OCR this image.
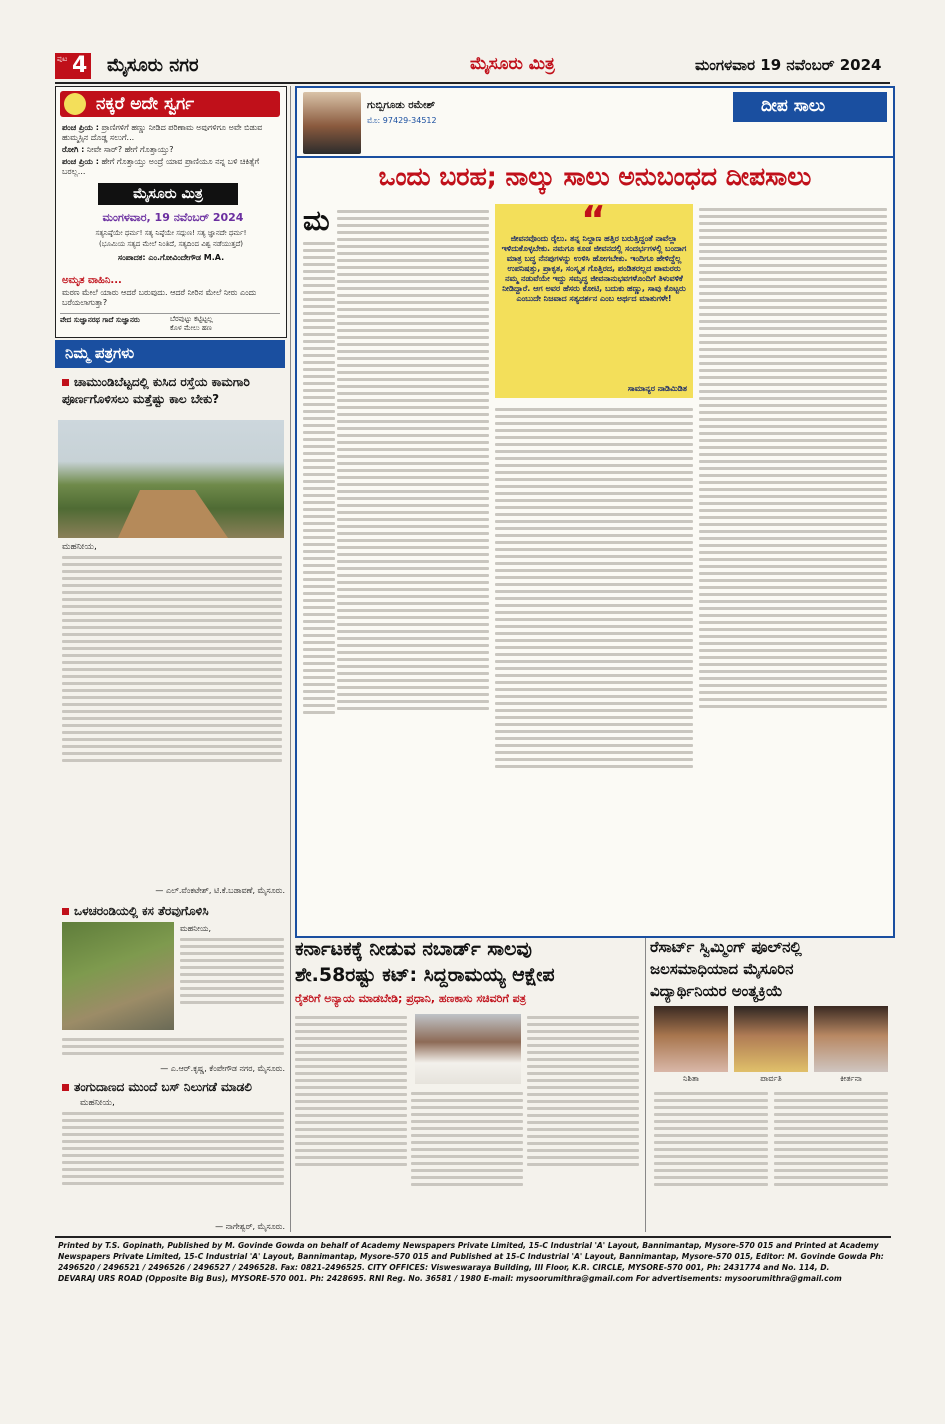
ಪುಟ 4 ಮೈಸೂರು ನಗರ	ಮೈಸೂರು ಮಿತ್ರ	ಮಂಗಳವಾರ 19 ನವೆಂಬರ್ 2024
ನಕ್ಕರೆ ಅದೇ ಸ್ವರ್ಗ
ಪಂಚ ಪ್ರಿಯ : ಪ್ರಾಣಿಗಳಿಗೆ ಹಣ್ಣು ನೀಡಿದ ಪರಿಣಾಮ ಅವುಗಳಿಗೂ ಅವೇ ಬಿಡುವ ಹುಮ್ಮಸ್ಸಿನ ದೊಡ್ಡ ಸಲುಗೆ...
ರೋಗಿ : ನೀವೇ ಸಾರ್? ಹೇಗೆ ಗೊತ್ತಾಯ್ತು?
ಪಂಚ ಪ್ರಿಯ : ಹೇಗೆ ಗೊತ್ತಾಯ್ತು ಅಂದ್ರೆ ಯಾವ ಪ್ರಾಣಿಯೂ ನನ್ನ ಬಳಿ ಚಿಕಿತ್ಸೆಗೆ ಬರಲ್ಲ...
ಮೈಸೂರು ಮಿತ್ರ
ಮಂಗಳವಾರ, 19 ನವೆಂಬರ್ 2024
ಸತ್ಯನಿಷ್ಠೆಯೇ ಧರ್ಮ! ಸತ್ಯ ನಿಷ್ಠೆಯೇ ಸದ್ಗುಣ! ಸತ್ಯ ಜ್ಞಾನದೇ ಧರ್ಮ!
(ಭೂಮಿಯ ಸತ್ಯದ ಮೇಲೆ ನಿಂತಿದೆ, ಸತ್ಯದಿಂದ ವಿಶ್ವ ನಡೆಯುತ್ತದೆ)
ಸಂಪಾದಕ: ಎಂ.ಗೋವಿಂದೇಗೌಡ M.A.
ಅಮೃತ ವಾಹಿನಿ...
ಮರಣ ಮೇಲೆ ಯಾರು ಆದರೆ ಬರುವುದು. ಆದರೆ ನೀರಿನ ಮೇಲೆ ನೀರು ಎಂದು ಬರೆಯಲಾಗುತ್ತಾ?
ವೇದ ಸುಜ್ಞಾನರಥ ಗಾದೆ ಸುಜ್ಞಾನರು	ಬೆರವುಟ್ಟು ಕಟ್ಟಿಟ್ಟಲ್ಲ
ಕೊಳ ಮೇಲು ಹಣ
ನಿಮ್ಮ ಪತ್ರಗಳು
ಚಾಮುಂಡಿಬೆಟ್ಟದಲ್ಲಿ ಕುಸಿದ ರಸ್ತೆಯ ಕಾಮಗಾರಿ ಪೂರ್ಣಗೊಳಿಸಲು ಮತ್ತೆಷ್ಟು ಕಾಲ ಬೇಕು?
ಮಹನೀಯ,
— ಎಲ್.ವೆಂಕಟೇಶ್, ಟಿ.ಕೆ.ಬಡಾವಣೆ, ಮೈಸೂರು.
ಒಳಚರಂಡಿಯಲ್ಲಿ ಕಸ ತೆರವುಗೊಳಿಸಿ
ಮಹನೀಯ,
— ಎ.ಆರ್.ಕೃಷ್ಣ, ಕೆಂಪೇಗೌಡ ನಗರ, ಮೈಸೂರು.
ತಂಗುದಾಣದ ಮುಂದೆ ಬಸ್ ನಿಲುಗಡೆ ಮಾಡಲಿ
ಮಹನೀಯ,
— ನಾಗೇಶ್ವರ್, ಮೈಸೂರು.
ಗುಬ್ಬಿಗೂಡು ರಮೇಶ್
ಮೊ: 97429-34512
ದೀಪ ಸಾಲು
ಒಂದು ಬರಹ; ನಾಲ್ಕು ಸಾಲು ಅನುಬಂಧದ ದೀಪಸಾಲು
ಮ	“
ಜೀವನವೊಂದು ರೈಲು. ತನ್ನ ನಿಲ್ದಾಣ ಹತ್ತಿರ ಬರುತ್ತಿದ್ದಂತೆ ನಾವೆಲ್ಲಾ ಇಳಿದುಕೊಳ್ಳಬೇಕು. ನಮಗೂ ಕೂಡ ಜೀವನದಲ್ಲಿ ಸಂದರ್ಭಗಳಲ್ಲಿ ಬಂದಾಗ ಮಾತ್ರ ಬದ್ಧ ನೆನಪುಗಳನ್ನು ಉಳಿಸಿ ಹೋಗಬೇಕು. ಇಂದಿಗೂ ಹೇಳಿದ್ದೆಲ್ಲ ಉಪನಿಷತ್ತು, ಪ್ರಾಕೃತ, ಸಂಸ್ಕೃತ ಗೊತ್ತಿರದ, ಪಂಡಿತರಲ್ಲದ ಪಾಮರರು ನಮ್ಮ ನಡುವೆಯೇ ಇದ್ದು ಸಮೃದ್ಧ ಜೀವನಾನುಭವಗಳೊಂದಿಗೆ ತಿಳುವಳಿಕೆ ನೀಡಿದ್ದಾರೆ. ಆಗ ಅವರ ಹೆಸರು ಕೋಟಿ, ಬದುಕು ಹಣ್ಣು, ಸಾವು ಕೊಟ್ಟರು ಎಂಬುದೇ ನಿಜವಾದ ಸತ್ಯದರ್ಶನ ಎಂಬ ಅರ್ಥದ ಮಾತುಗಳೇ!
ಸಾಮಾನ್ಯರ ನಾಡಿಮಿಡಿತ
ಕರ್ನಾಟಕಕ್ಕೆ ನೀಡುವ ನಬಾರ್ಡ್ ಸಾಲವು
ಶೇ.58ರಷ್ಟು ಕಟ್: ಸಿದ್ದರಾಮಯ್ಯ ಆಕ್ಷೇಪ
ರೈತರಿಗೆ ಅನ್ಯಾಯ ಮಾಡಬೇಡಿ; ಪ್ರಧಾನಿ, ಹಣಕಾಸು ಸಚಿವರಿಗೆ ಪತ್ರ
ರೆಸಾರ್ಟ್ ಸ್ವಿಮ್ಮಿಂಗ್ ಪೂಲ್‌ನಲ್ಲಿ
ಜಲಸಮಾಧಿಯಾದ ಮೈಸೂರಿನ
ವಿದ್ಯಾರ್ಥಿನಿಯರ ಅಂತ್ಯಕ್ರಿಯೆ
ನಿಶಿತಾ	ಪಾರ್ವತಿ	ಕೀರ್ತನಾ
Printed by T.S. Gopinath, Published by M. Govinde Gowda on behalf of Academy Newspapers Private Limited, 15-C Industrial 'A' Layout, Bannimantap, Mysore-570 015 and Printed at Academy
Newspapers Private Limited, 15-C Industrial 'A' Layout, Bannimantap, Mysore-570 015 and Published at 15-C Industrial 'A' Layout, Bannimantap, Mysore-570 015, Editor: M. Govinde Gowda Ph:
2496520 / 2496521 / 2496526 / 2496527 / 2496528. Fax: 0821-2496525. CITY OFFICES: Visweswaraya Building, III Floor, K.R. CIRCLE, MYSORE-570 001, Ph: 2431774 and No. 114, D.
DEVARAJ URS ROAD (Opposite Big Bus), MYSORE-570 001. Ph: 2428695. RNI Reg. No. 36581 / 1980 E-mail: mysoorumithra@gmail.com For advertisements: mysoorumithra@gmail.com
